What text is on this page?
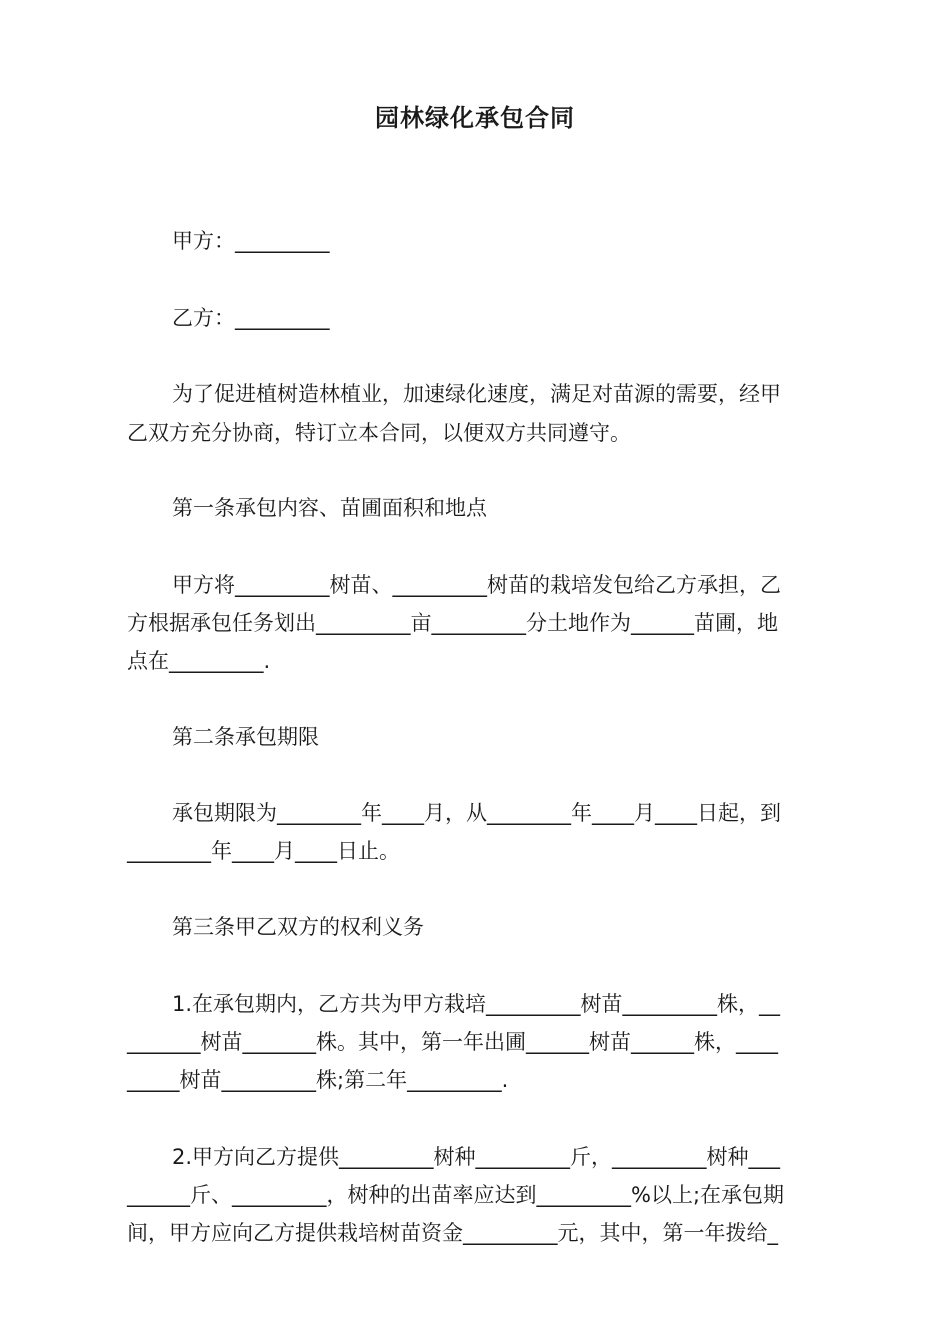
园林绿化承包合同
甲方：_________
乙方：_________
为了促进植树造林植业，加速绿化速度，满足对苗源的需要，经甲
乙双方充分协商，特订立本合同，以便双方共同遵守。
第一条承包内容、苗圃面积和地点
甲方将_________树苗、_________树苗的栽培发包给乙方承担，乙
方根据承包任务划出_________亩_________分土地作为______苗圃，地
点在_________.
第二条承包期限
承包期限为________年____月，从________年____月____日起，到
________年____月____日止。
第三条甲乙双方的权利义务
1.在承包期内，乙方共为甲方栽培_________树苗_________株，__
_______树苗_______株。其中，第一年出圃______树苗______株，____
_____树苗_________株;第二年_________.
2.甲方向乙方提供_________树种_________斤，_________树种___
______斤、_________，树种的出苗率应达到_________%以上;在承包期
间，甲方应向乙方提供栽培树苗资金_________元，其中，第一年拨给_
